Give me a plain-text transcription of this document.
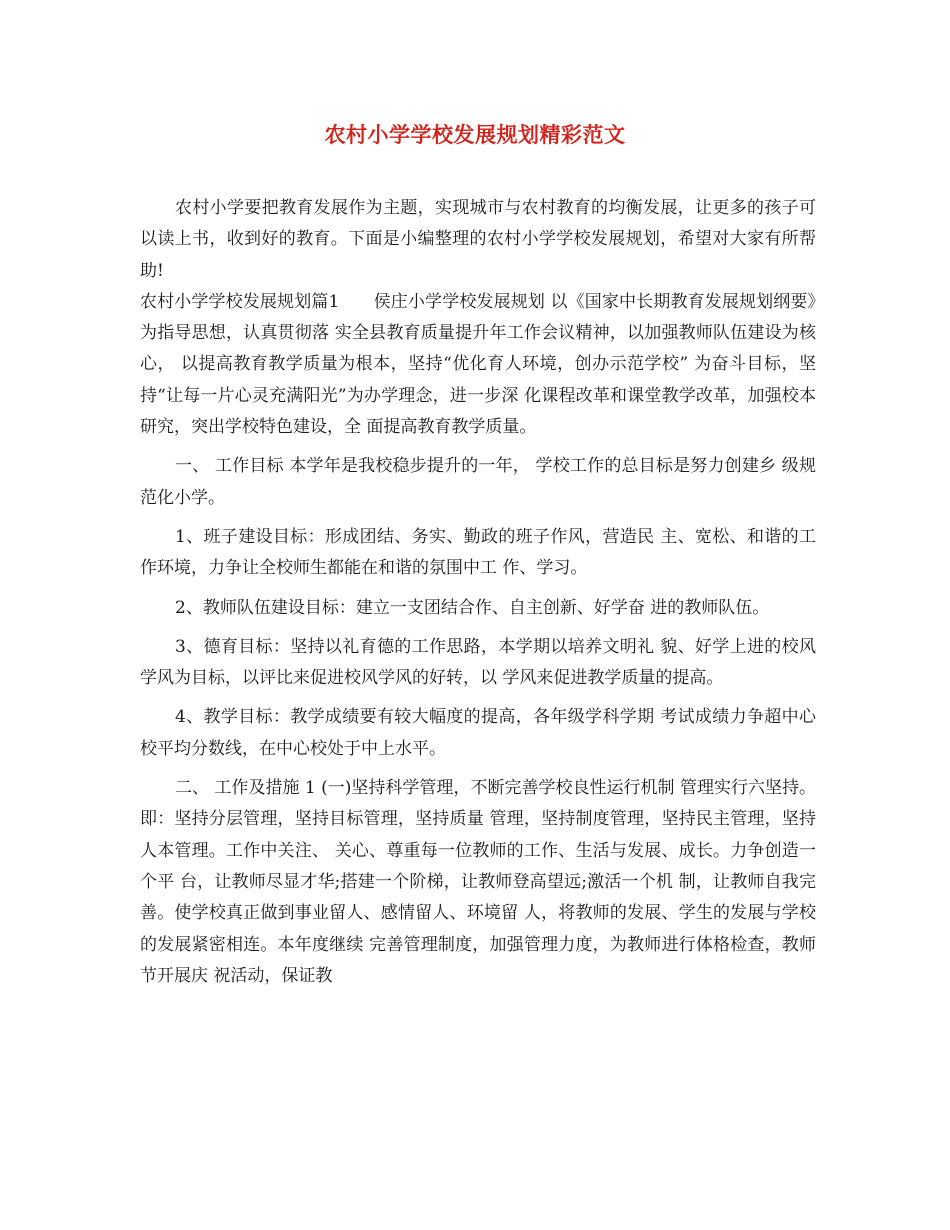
农村小学学校发展规划精彩范文

农村小学要把教育发展作为主题，实现城市与农村教育的均衡发展，让更多的孩子可以读上书，收到好的教育。下面是小编整理的农村小学学校发展规划，希望对大家有所帮助!

农村小学学校发展规划篇1　　侯庄小学学校发展规划 以《国家中长期教育发展规划纲要》为指导思想，认真贯彻落 实全县教育质量提升年工作会议精神，以加强教师队伍建设为核心， 以提高教育教学质量为根本，坚持“优化育人环境，创办示范学校” 为奋斗目标，坚持“让每一片心灵充满阳光”为办学理念，进一步深 化课程改革和课堂教学改革，加强校本研究，突出学校特色建设，全 面提高教育教学质量。

一、 工作目标 本学年是我校稳步提升的一年， 学校工作的总目标是努力创建乡 级规范化小学。

1、班子建设目标：形成团结、务实、勤政的班子作风，营造民 主、宽松、和谐的工作环境，力争让全校师生都能在和谐的氛围中工 作、学习。

2、教师队伍建设目标：建立一支团结合作、自主创新、好学奋 进的教师队伍。

3、德育目标：坚持以礼育德的工作思路，本学期以培养文明礼 貌、好学上进的校风学风为目标，以评比来促进校风学风的好转，以 学风来促进教学质量的提高。

4、教学目标：教学成绩要有较大幅度的提高，各年级学科学期 考试成绩力争超中心校平均分数线，在中心校处于中上水平。

二、 工作及措施 1 (一)坚持科学管理，不断完善学校良性运行机制 管理实行六坚持。即：坚持分层管理，坚持目标管理，坚持质量 管理，坚持制度管理，坚持民主管理，坚持人本管理。工作中关注、 关心、尊重每一位教师的工作、生活与发展、成长。力争创造一个平 台，让教师尽显才华;搭建一个阶梯，让教师登高望远;激活一个机 制，让教师自我完善。使学校真正做到事业留人、感情留人、环境留 人，将教师的发展、学生的发展与学校的发展紧密相连。本年度继续 完善管理制度，加强管理力度，为教师进行体格检查，教师节开展庆 祝活动，保证教
